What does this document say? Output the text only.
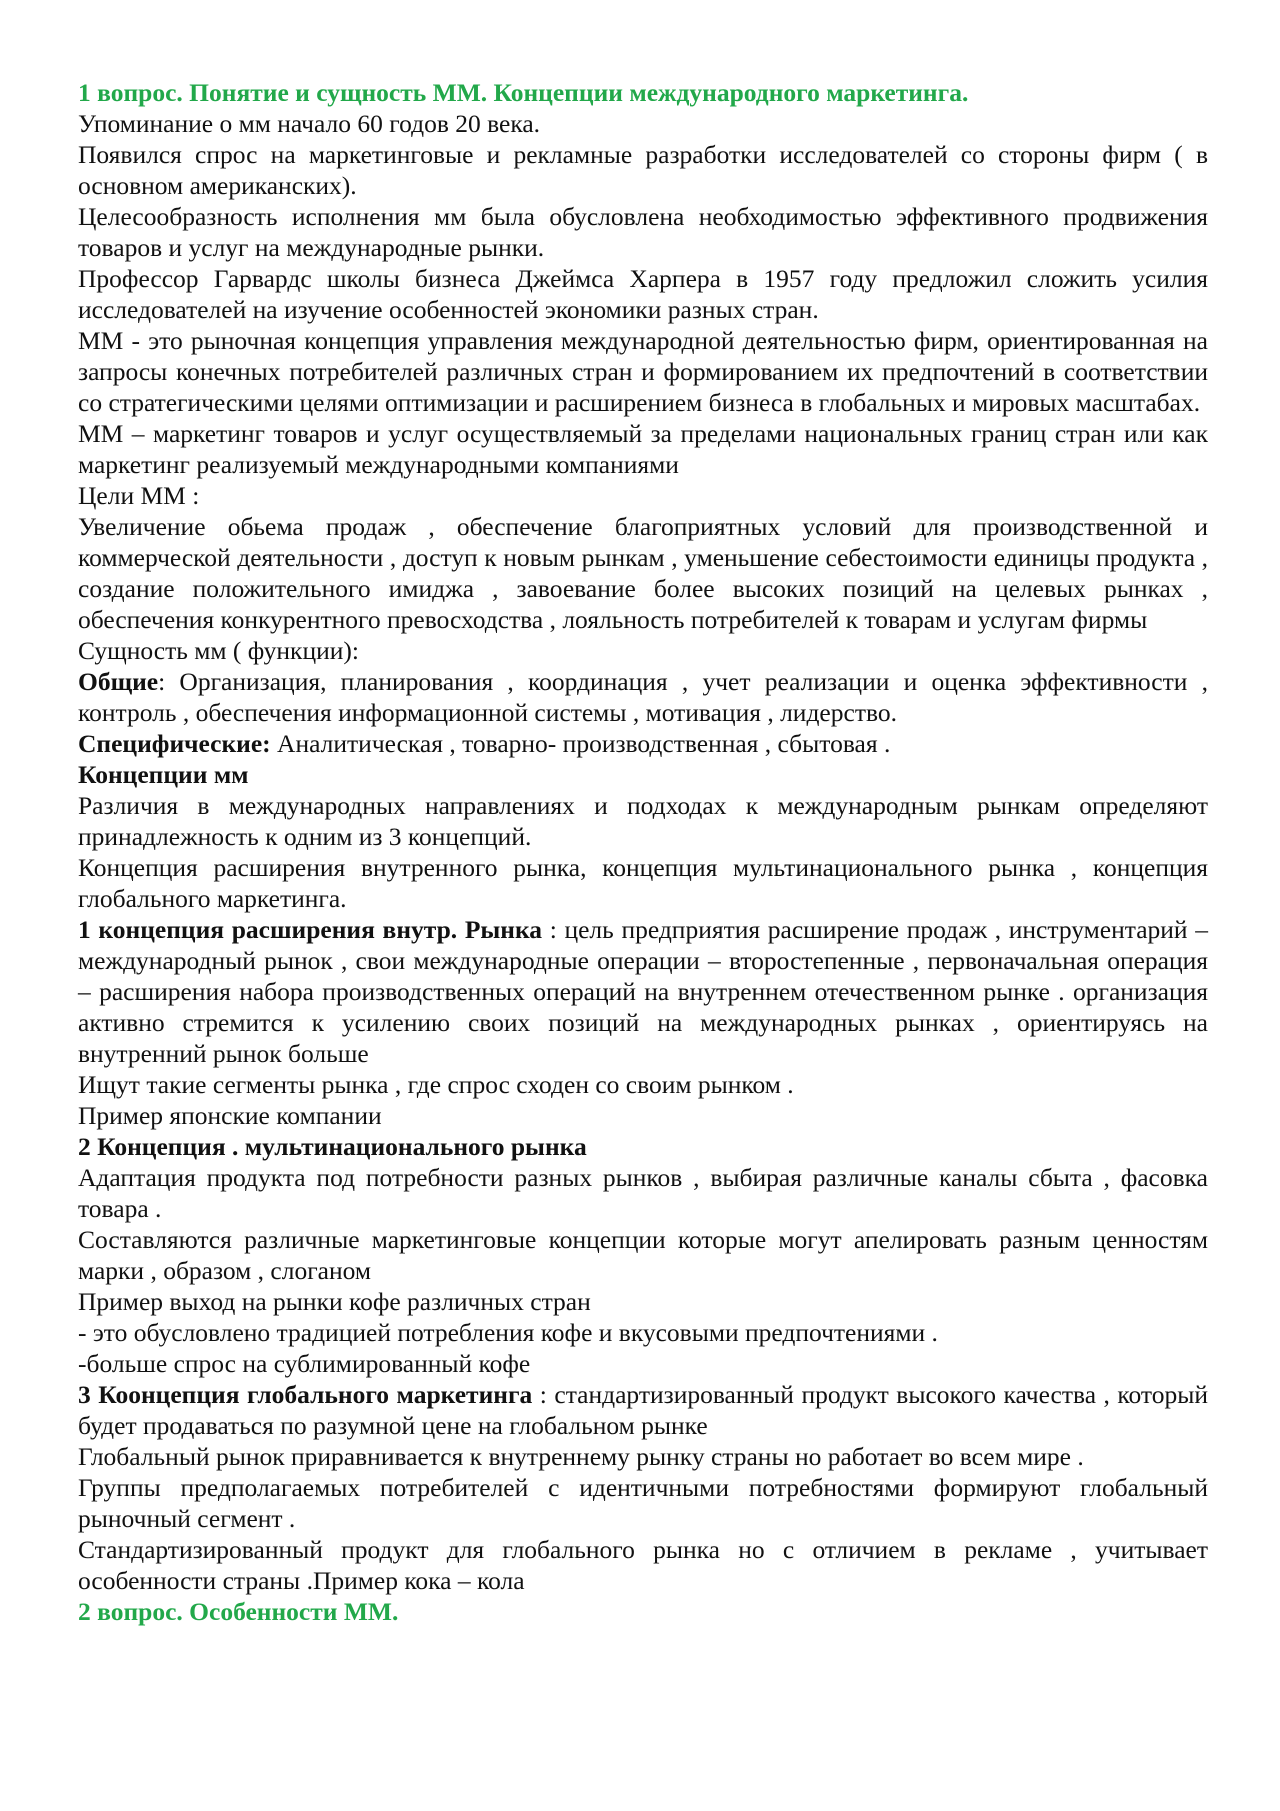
1 вопрос. Понятие и сущность ММ. Концепции международного маркетинга.

Упоминание о мм начало 60 годов 20 века.

Появился спрос на маркетинговые и рекламные разработки исследователей со стороны фирм ( в основном американских).

Целесообразность исполнения мм была обусловлена необходимостью эффективного продвижения товаров и услуг на международные рынки.

Профессор Гарвардс школы бизнеса Джеймса Харпера в 1957 году предложил сложить усилия исследователей на изучение особенностей экономики разных стран.

ММ - это рыночная концепция управления международной деятельностью фирм, ориентированная на запросы конечных потребителей различных стран и формированием их предпочтений в соответствии со стратегическими целями оптимизации и расширением бизнеса в глобальных и мировых масштабах.

ММ – маркетинг товаров и услуг осуществляемый за пределами национальных границ стран или как маркетинг реализуемый международными компаниями

Цели ММ :

Увеличение обьема продаж , обеспечение благоприятных условий для производственной и коммерческой деятельности , доступ к новым рынкам , уменьшение себестоимости единицы продукта , создание положительного имиджа , завоевание более высоких позиций на целевых рынках , обеспечения конкурентного превосходства , лояльность потребителей к товарам и услугам фирмы

Сущность мм ( функции):

Общие: Организация, планирования , координация , учет реализации и оценка эффективности , контроль , обеспечения информационной системы , мотивация , лидерство.

Специфические: Аналитическая , товарно- производственная , сбытовая .

Концепции мм

Различия в международных направлениях и подходах к международным рынкам определяют принадлежность к одним из 3 концепций.

Концепция расширения внутренного рынка, концепция мультинационального рынка , концепция глобального маркетинга.

1 концепция расширения внутр. Рынка : цель предприятия расширение продаж , инструментарий – международный рынок , свои международные операции – второстепенные , первоначальная операция – расширения набора производственных операций на внутреннем отечественном рынке . организация активно стремится к усилению своих позиций на международных рынках , ориентируясь на внутренний рынок больше

Ищут такие сегменты рынка , где спрос сходен со своим рынком .

Пример японские компании

2 Концепция . мультинационального рынка

Адаптация продукта под потребности разных рынков , выбирая различные каналы сбыта , фасовка товара .

Составляются различные маркетинговые концепции которые могут апелировать разным ценностям марки , образом , слоганом

Пример выход на рынки кофе различных стран

- это обусловлено традицией потребления кофе и вкусовыми предпочтениями .

-больше спрос на сублимированный кофе

3 Коонцепция глобального маркетинга : стандартизированный продукт высокого качества , который будет продаваться по разумной цене на глобальном рынке

Глобальный рынок приравнивается к внутреннему рынку страны но работает во всем мире .

Группы предполагаемых потребителей с идентичными потребностями формируют глобальный рыночный сегмент .

Стандартизированный продукт для глобального рынка но с отличием в рекламе , учитывает особенности страны .Пример кока – кола

2 вопрос. Особенности ММ.
